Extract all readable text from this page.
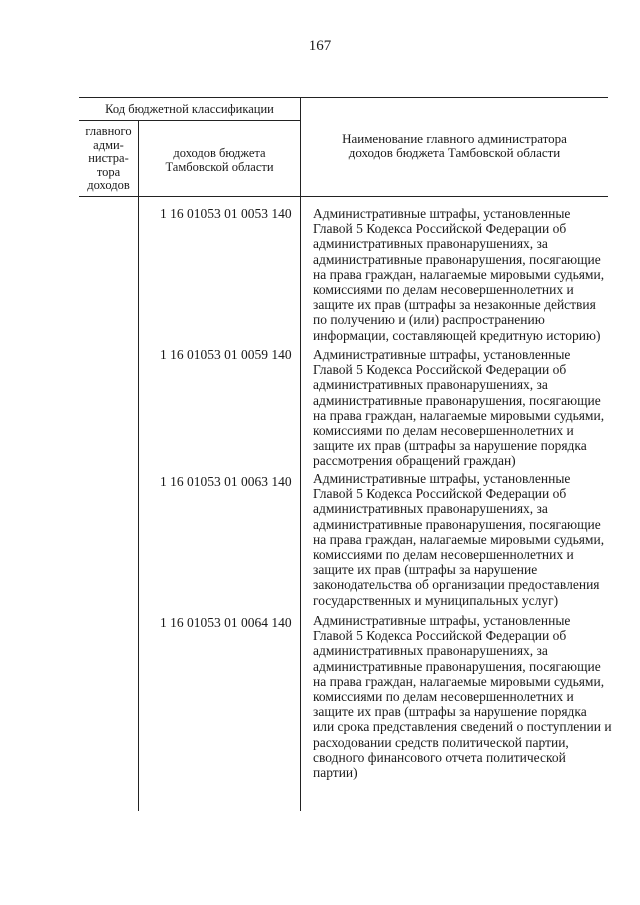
167
Код бюджетной классификации
главного
адми-
нистра-
тора
доходов
доходов бюджета
Тамбовской области
Наименование главного администратора
доходов бюджета Тамбовской области
1 16 01053 01 0053 140 Административные штрафы, установленные
Главой 5 Кодекса Российской Федерации об
административных правонарушениях, за
административные правонарушения, посягающие
на права граждан, налагаемые мировыми судьями,
комиссиями по делам несовершеннолетних и
защите их прав (штрафы за незаконные действия
по получению и (или) распространению
информации, составляющей кредитную историю)
1 16 01053 01 0059 140 Административные штрафы, установленные
Главой 5 Кодекса Российской Федерации об
административных правонарушениях, за
административные правонарушения, посягающие
на права граждан, налагаемые мировыми судьями,
комиссиями по делам несовершеннолетних и
защите их прав (штрафы за нарушение порядка
рассмотрения обращений граждан)
1 16 01053 01 0063 140 Административные штрафы, установленные
Главой 5 Кодекса Российской Федерации об
административных правонарушениях, за
административные правонарушения, посягающие
на права граждан, налагаемые мировыми судьями,
комиссиями по делам несовершеннолетних и
защите их прав (штрафы за нарушение
законодательства об организации предоставления
государственных и муниципальных услуг)
1 16 01053 01 0064 140 Административные штрафы, установленные
Главой 5 Кодекса Российской Федерации об
административных правонарушениях, за
административные правонарушения, посягающие
на права граждан, налагаемые мировыми судьями,
комиссиями по делам несовершеннолетних и
защите их прав (штрафы за нарушение порядка
или срока представления сведений о поступлении и
расходовании средств политической партии,
сводного финансового отчета политической
партии)
